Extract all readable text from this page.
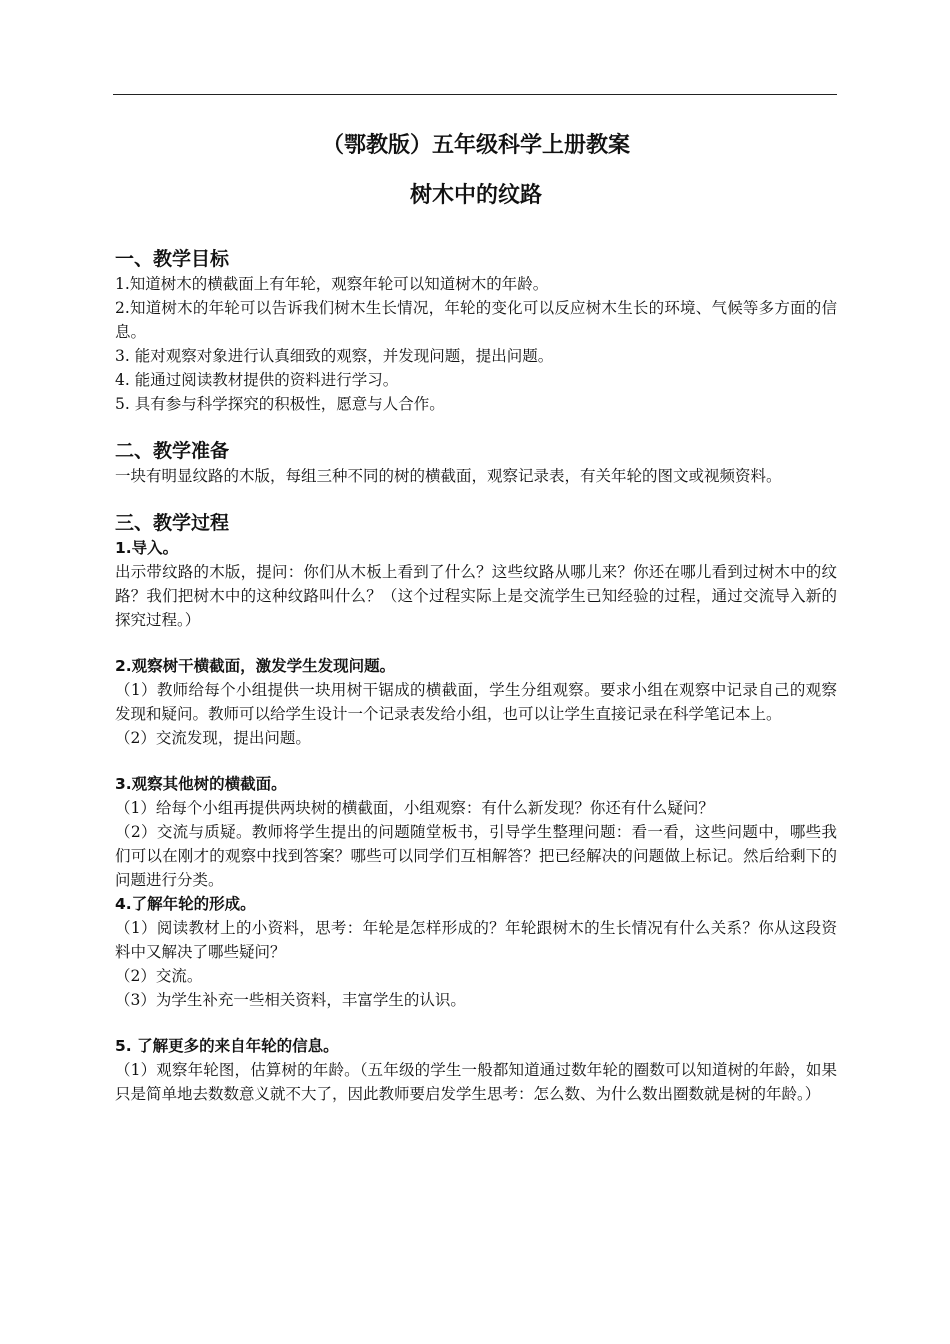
（鄂教版）五年级科学上册教案
树木中的纹路
一、教学目标

1.知道树木的横截面上有年轮，观察年轮可以知道树木的年龄。

2.知道树木的年轮可以告诉我们树木生长情况，年轮的变化可以反应树木生长的环境、气候等多方面的信息。

3. 能对观察对象进行认真细致的观察，并发现问题，提出问题。

4. 能通过阅读教材提供的资料进行学习。

5. 具有参与科学探究的积极性，愿意与人合作。

二、教学准备

一块有明显纹路的木版，每组三种不同的树的横截面，观察记录表，有关年轮的图文或视频资料。

三、教学过程
1.导入。

出示带纹路的木版，提问：你们从木板上看到了什么？这些纹路从哪儿来？你还在哪儿看到过树木中的纹路？我们把树木中的这种纹路叫什么？（这个过程实际上是交流学生已知经验的过程，通过交流导入新的探究过程。）

2.观察树干横截面，激发学生发现问题。

（1）教师给每个小组提供一块用树干锯成的横截面，学生分组观察。要求小组在观察中记录自己的观察发现和疑问。教师可以给学生设计一个记录表发给小组，也可以让学生直接记录在科学笔记本上。

（2）交流发现，提出问题。

3.观察其他树的横截面。

（1）给每个小组再提供两块树的横截面，小组观察：有什么新发现？你还有什么疑问？

（2）交流与质疑。教师将学生提出的问题随堂板书，引导学生整理问题：看一看，这些问题中，哪些我们可以在刚才的观察中找到答案？哪些可以同学们互相解答？把已经解决的问题做上标记。然后给剩下的问题进行分类。

4.了解年轮的形成。

（1）阅读教材上的小资料，思考：年轮是怎样形成的？年轮跟树木的生长情况有什么关系？你从这段资料中又解决了哪些疑问？

（2）交流。

（3）为学生补充一些相关资料，丰富学生的认识。

5. 了解更多的来自年轮的信息。

（1）观察年轮图，估算树的年龄。（五年级的学生一般都知道通过数年轮的圈数可以知道树的年龄，如果只是简单地去数数意义就不大了，因此教师要启发学生思考：怎么数、为什么数出圈数就是树的年龄。）
